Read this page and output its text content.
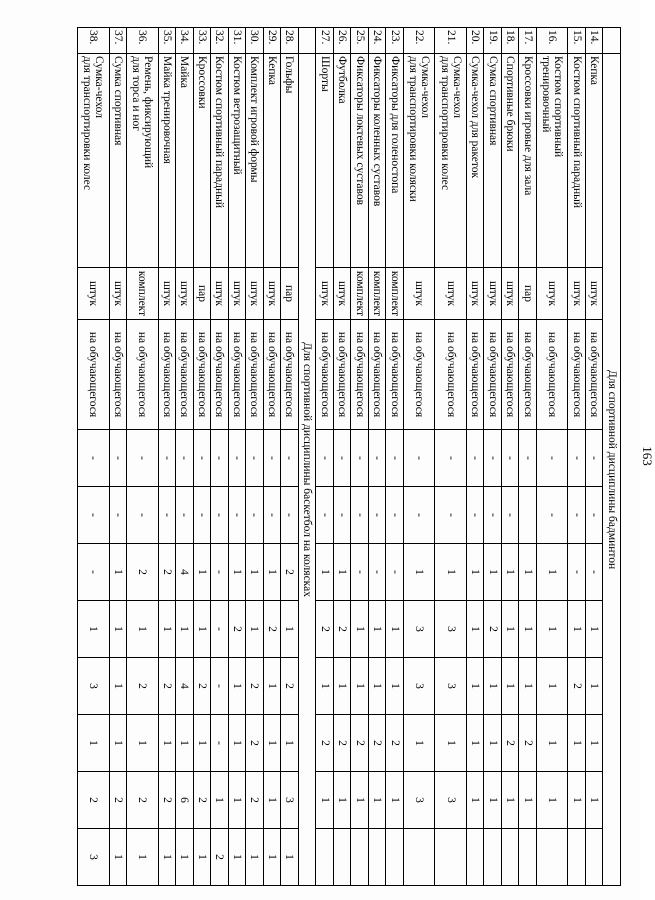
163
	Для спортивной дисциплины бадминтон										
14.	Кепка	штук	на обучающегося	-	-	-	1	1	1	1	
15.	Костюм спортивный парадный	штук	на обучающегося	-	-	-	1	2	1	1	
16.	Костюм спортивный
тренировочный	штук	на обучающегося	-	-	1	1	1	1	1	
17.	Кроссовки игровые для зала	пар	на обучающегося	-		1	1	1	2	1	
18.	Спортивные брюки	штук	на обучающегося	-	-	1	1	1	2	1	
19.	Сумка спортивная	штук	на обучающегося	-	-	1	2	1	1	1	
20.	Сумка-чехол для ракеток	штук	на обучающегося	-	-	1	1	1	1	1	
21.	Сумка-чехол
для транспортировки колес	штук	на обучающегося	-	-	1	3	3	1	3	
22.	Сумка-чехол
для транспортировки коляски	штук	на обучающегося	-	-	1	3	3	1	3	
23.	Фиксаторы для голеностопа	комплект	на обучающегося	-	-	-	1	1	2	1	
24.	Фиксаторы коленных суставов	комплект	на обучающегося	-	-	-	1	1	2	1	
25.	Фиксаторы локтевых суставов	комплект	на обучающегося	-	-	-	1	1	2	1	
26.	Футболка	штук	на обучающегося	-	-	1	2	1	2	1	
27.	Шорты	штук	на обучающегося	-	-	1	2	1	2	1	
	Для спортивной дисциплины баскетбол на колясках										
28.	Гольфы	пар	на обучающегося	-	-	2	1	2	1	3	1
29.	Кепка	штук	на обучающегося	-	-	1	2	1	1	1	1
30.	Комплект игровой формы	штук	на обучающегося	-	-	1	1	2	2	2	1
31.	Костюм ветрозащитный	штук	на обучающегося	-	-	1	2	1	1	1	1
32.	Костюм спортивный парадный	штук	на обучающегося	-	-	-	-	-	-	1	2
33.	Кроссовки	пар	на обучающегося	-	-	1	1	2	1	2	1
34.	Майка	штук	на обучающегося	-	-	4	1	4	1	6	1
35.	Майка тренировочная	штук	на обучающегося	-	-	2	1	2	1	2	1
36.	Ремень, фиксирующий
для торса и ног	комплект	на обучающегося	-	-	2	1	2	1	2	1
37.	Сумка спортивная	штук	на обучающегося	-	-	1	1	1	1	2	1
38.	Сумка-чехол
для транспортировки колес	штук	на обучающегося	-	-	-	1	3	1	2	3
